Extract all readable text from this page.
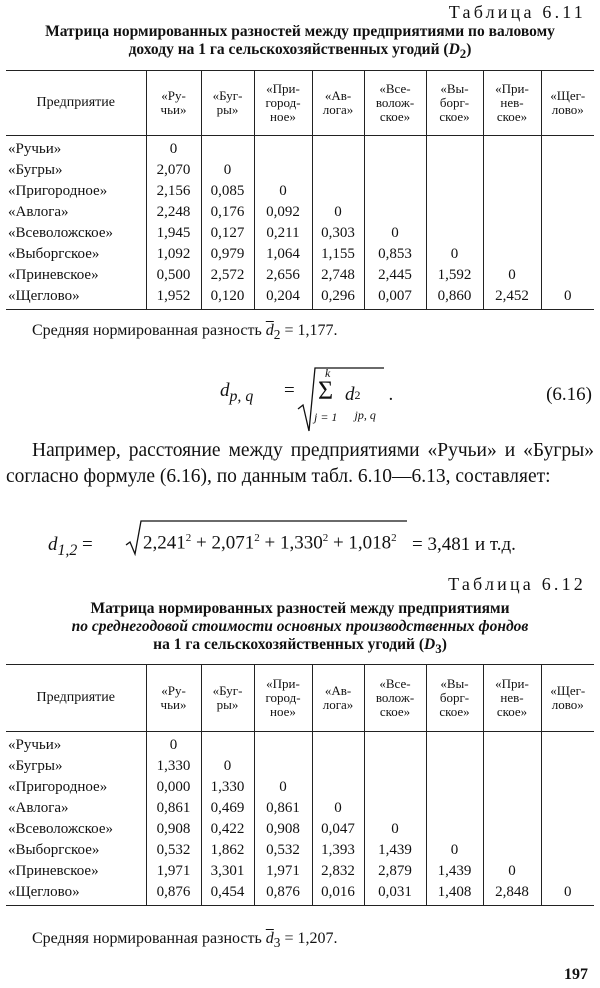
Таблица 6.11
Матрица нормированных разностей между предприятиями по валовому
доходу на 1 га сельскохозяйственных угодий $(D_2)$
Предприятие	«Ру-
чьи»	«Буг-
ры»	«При-
город-
ное»	«Ав-
лога»	«Все-
волож-
ское»	«Вы-
борг-
ское»	«При-
нев-
ское»	«Щег-
лово»
«Ручьи»	0							
«Бугры»	2,070	0						
«Пригородное»	2,156	0,085	0					
«Авлога»	2,248	0,176	0,092	0				
«Всеволожское»	1,945	0,127	0,211	0,303	0			
«Выборгское»	1,092	0,979	1,064	1,155	0,853	0		
«Приневское»	0,500	2,572	2,656	2,748	2,445	1,592	0	
«Щеглово»	1,952	0,120	0,204	0,296	0,007	0,860	2,452	0
Средняя нормированная разность $\overline{d}_2 = 1,177$.
$d_{p, q}$ =
k
Σ
j = 1
d 2
jp, q
.	(6.16)
Например, расстояние между предприятиями «Ручьи» и «Бугры» согласно формуле (6.16), по данным табл. 6.10—6.13, составляет:
$d_{1,2}$ =	$2,241^2 + 2,071^2 + 1,330^2 + 1,018^2 = 3,481$ и т.д.
Таблица 6.12
Матрица нормированных разностей между предприятиями
по среднегодовой стоимости основных производственных фондов
на 1 га сельскохозяйственных угодий $(D_3)$
Предприятие	«Ру-
чьи»	«Буг-
ры»	«При-
город-
ное»	«Ав-
лога»	«Все-
волож-
ское»	«Вы-
борг-
ское»	«При-
нев-
ское»	«Щег-
лово»
«Ручьи»	0							
«Бугры»	1,330	0						
«Пригородное»	0,000	1,330	0					
«Авлога»	0,861	0,469	0,861	0				
«Всеволожское»	0,908	0,422	0,908	0,047	0			
«Выборгское»	0,532	1,862	0,532	1,393	1,439	0		
«Приневское»	1,971	3,301	1,971	2,832	2,879	1,439	0	
«Щеглово»	0,876	0,454	0,876	0,016	0,031	1,408	2,848	0
Средняя нормированная разность $\overline{d}_3 = 1,207$.
197
